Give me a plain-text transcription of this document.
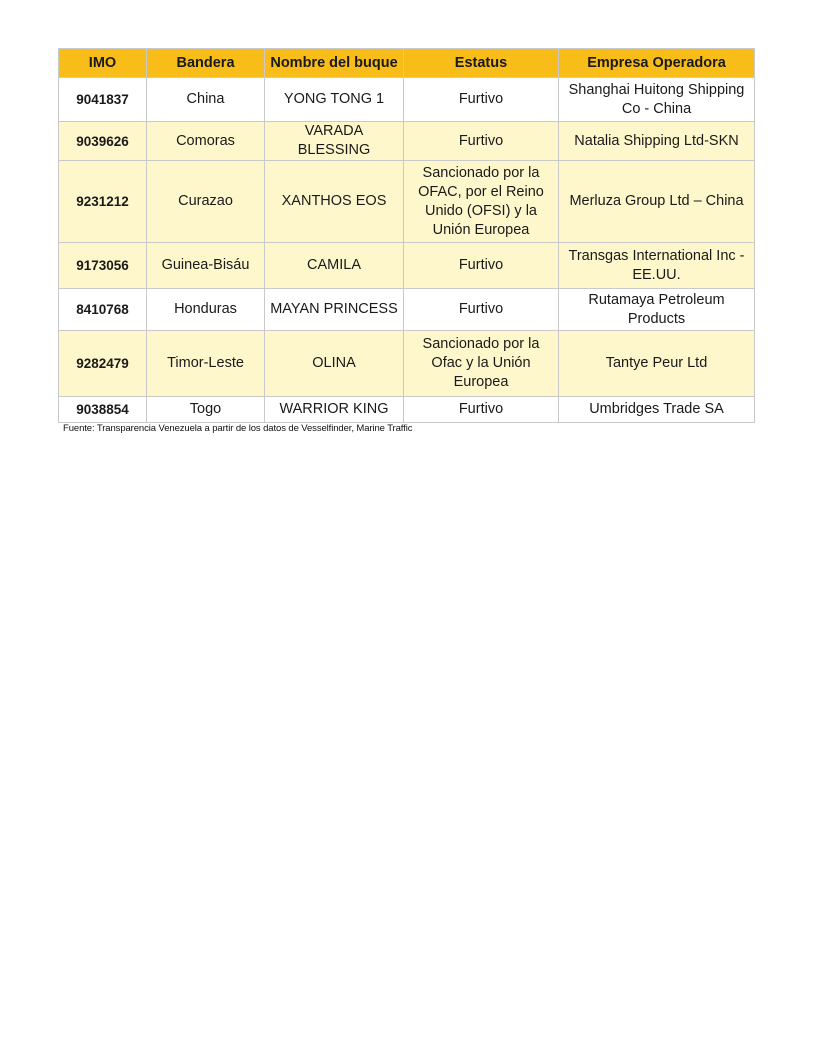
IMO	Bandera	Nombre del buque	Estatus	Empresa Operadora
9041837	China	YONG TONG 1	Furtivo	Shanghai Huitong Shipping Co - China
9039626	Comoras	VARADA BLESSING	Furtivo	Natalia Shipping Ltd-SKN
9231212	Curazao	XANTHOS EOS	Sancionado por la OFAC, por el Reino Unido (OFSI) y la Unión Europea	Merluza Group Ltd – China
9173056	Guinea-Bisáu	CAMILA	Furtivo	Transgas International Inc - EE.UU.
8410768	Honduras	MAYAN PRINCESS	Furtivo	Rutamaya Petroleum Products
9282479	Timor-Leste	OLINA	Sancionado por la Ofac y la Unión Europea	Tantye Peur Ltd
9038854	Togo	WARRIOR KING	Furtivo	Umbridges Trade SA
Fuente: Transparencia Venezuela a partir de los datos de Vesselfinder, Marine Traffic
